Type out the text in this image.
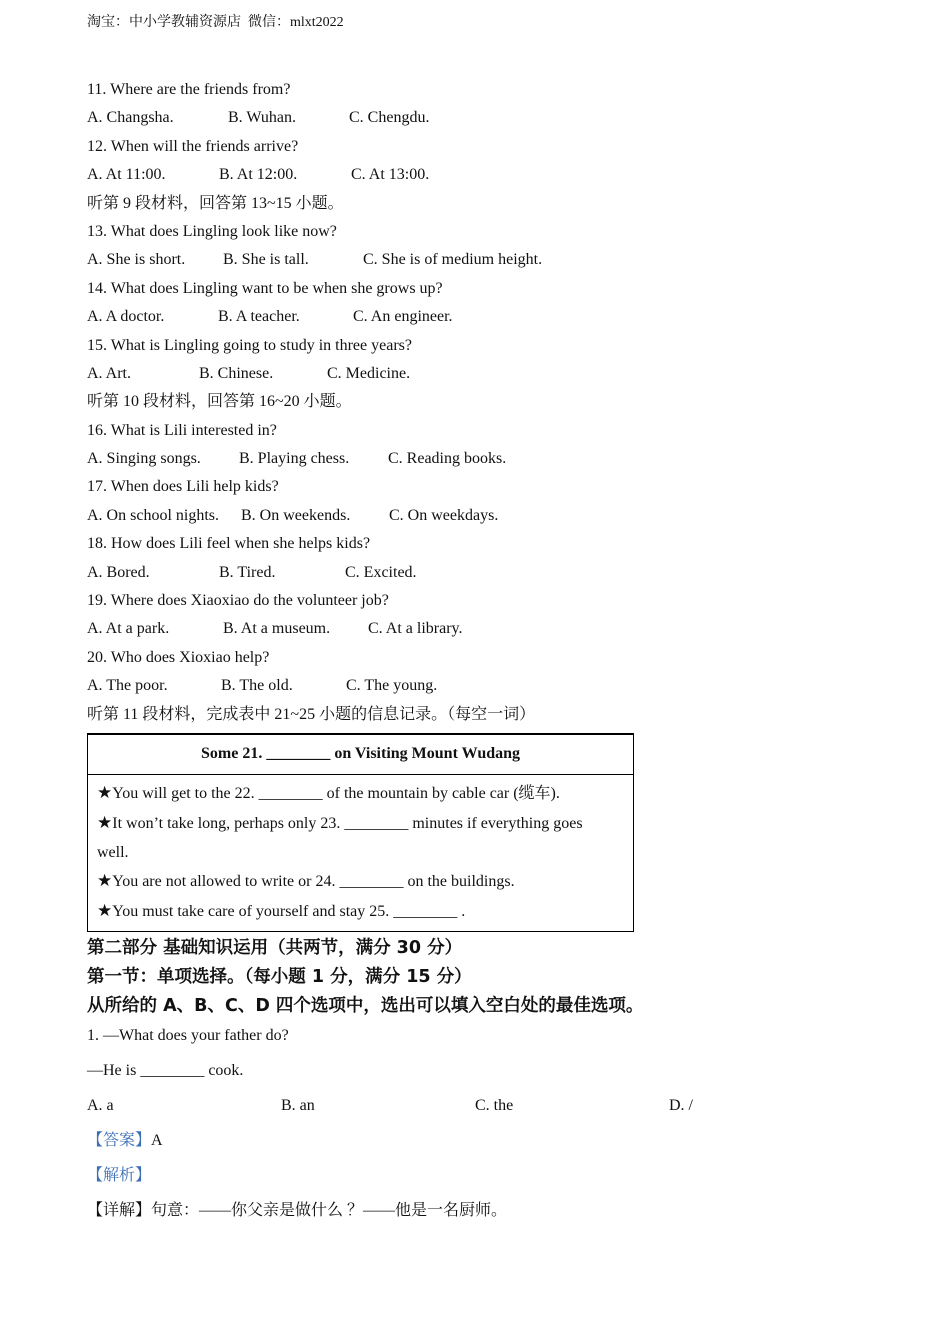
淘宝：中小学教辅资源店  微信：mlxt2022
11. Where are the friends from?
A. Changsha.	B. Wuhan.	C. Chengdu.
12. When will the friends arrive?
A. At 11:00.	B. At 12:00.	C. At 13:00.
听第 9 段材料，回答第 13~15 小题。
13. What does Lingling look like now?
A. She is short. B. She is tall.	C. She is of medium height.
14. What does Lingling want to be when she grows up?
A. A doctor.	B. A teacher.	C. An engineer.
15. What is Lingling going to study in three years?
A. Art.	B. Chinese.	C. Medicine.
听第 10 段材料，回答第 16~20 小题。
16. What is Lili interested in?
A. Singing songs. B. Playing chess. C. Reading books.
17. When does Lili help kids?
A. On school nights. B. On weekends. C. On weekdays.
18. How does Lili feel when she helps kids?
A. Bored.	B. Tired.	C. Excited.
19. Where does Xiaoxiao do the volunteer job?
A. At a park.	B. At a museum. C. At a library.
20. Who does Xioxiao help?
A. The poor.	B. The old.	C. The young.
听第 11 段材料，完成表中 21~25 小题的信息记录。（每空一词）
Some 21. ________ on Visiting Mount Wudang
★You will get to the 22. ________ of the mountain by cable car (缆车).
★It won’t take long, perhaps only 23. ________ minutes if everything goes
well.
★You are not allowed to write or 24. ________ on the buildings.
★You must take care of yourself and stay 25. ________ .
第二部分 基础知识运用（共两节，满分 30 分）
第一节：单项选择。（每小题 1 分，满分 15 分）
从所给的 A、B、C、D 四个选项中，选出可以填入空白处的最佳选项。
1. —What does your father do?
—He is ________ cook.
A. a	B. an	C. the	D. /
【答案】A
【解析】
【详解】句意：——你父亲是做什么 ？——他是一名厨师。
